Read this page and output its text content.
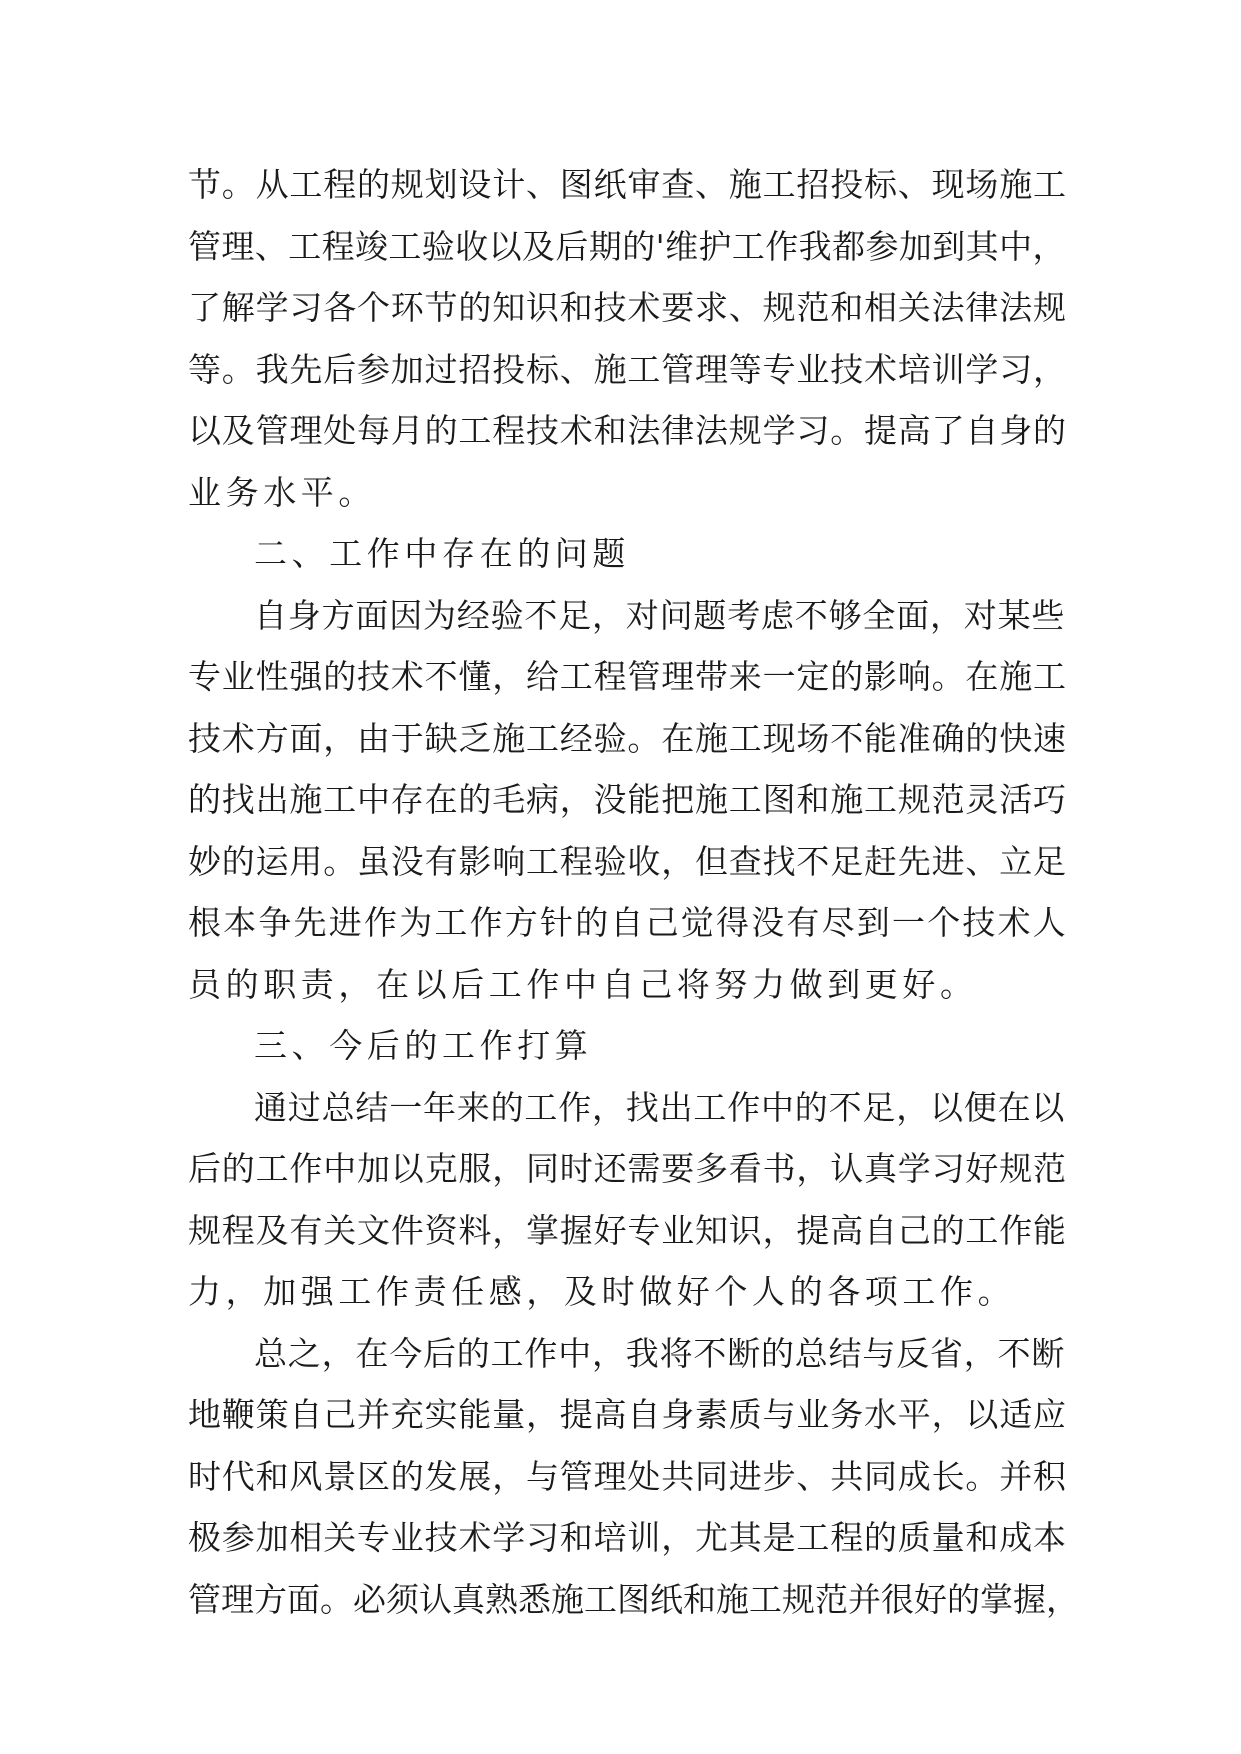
节。从工程的规划设计、图纸审查、施工招投标、现场施工
管理、工程竣工验收以及后期的'维护工作我都参加到其中，
了解学习各个环节的知识和技术要求、规范和相关法律法规
等。我先后参加过招投标、施工管理等专业技术培训学习，
以及管理处每月的工程技术和法律法规学习。提高了自身的
业务水平。
二、工作中存在的问题
自身方面因为经验不足，对问题考虑不够全面，对某些
专业性强的技术不懂，给工程管理带来一定的影响。在施工
技术方面，由于缺乏施工经验。在施工现场不能准确的快速
的找出施工中存在的毛病，没能把施工图和施工规范灵活巧
妙的运用。虽没有影响工程验收，但查找不足赶先进、立足
根本争先进作为工作方针的自己觉得没有尽到一个技术人
员的职责，在以后工作中自己将努力做到更好。
三、今后的工作打算
通过总结一年来的工作，找出工作中的不足，以便在以
后的工作中加以克服，同时还需要多看书，认真学习好规范
规程及有关文件资料，掌握好专业知识，提高自己的工作能
力，加强工作责任感，及时做好个人的各项工作。
总之，在今后的工作中，我将不断的总结与反省，不断
地鞭策自己并充实能量，提高自身素质与业务水平，以适应
时代和风景区的发展，与管理处共同进步、共同成长。并积
极参加相关专业技术学习和培训，尤其是工程的质量和成本
管理方面。必须认真熟悉施工图纸和施工规范并很好的掌握，
